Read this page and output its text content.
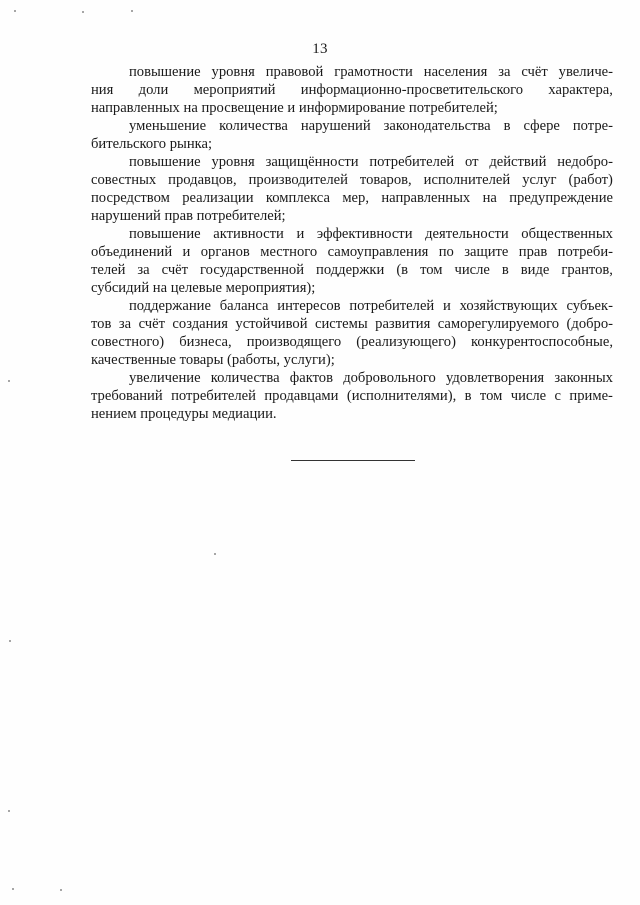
13
повышение уровня правовой грамотности населения за счёт увеличе-
ния доли мероприятий информационно-просветительского характера,
направленных на просвещение и информирование потребителей;
уменьшение количества нарушений законодательства в сфере потре-
бительского рынка;
повышение уровня защищённости потребителей от действий недобро-
совестных продавцов, производителей товаров, исполнителей услуг (работ)
посредством реализации комплекса мер, направленных на предупреждение
нарушений прав потребителей;
повышение активности и эффективности деятельности общественных
объединений и органов местного самоуправления по защите прав потреби-
телей за счёт государственной поддержки (в том числе в виде грантов,
субсидий на целевые мероприятия);
поддержание баланса интересов потребителей и хозяйствующих субъек-
тов за счёт создания устойчивой системы развития саморегулируемого (добро-
совестного) бизнеса, производящего (реализующего) конкурентоспособные,
качественные товары (работы, услуги);
увеличение количества фактов добровольного удовлетворения законных
требований потребителей продавцами (исполнителями), в том числе с приме-
нением процедуры медиации.
